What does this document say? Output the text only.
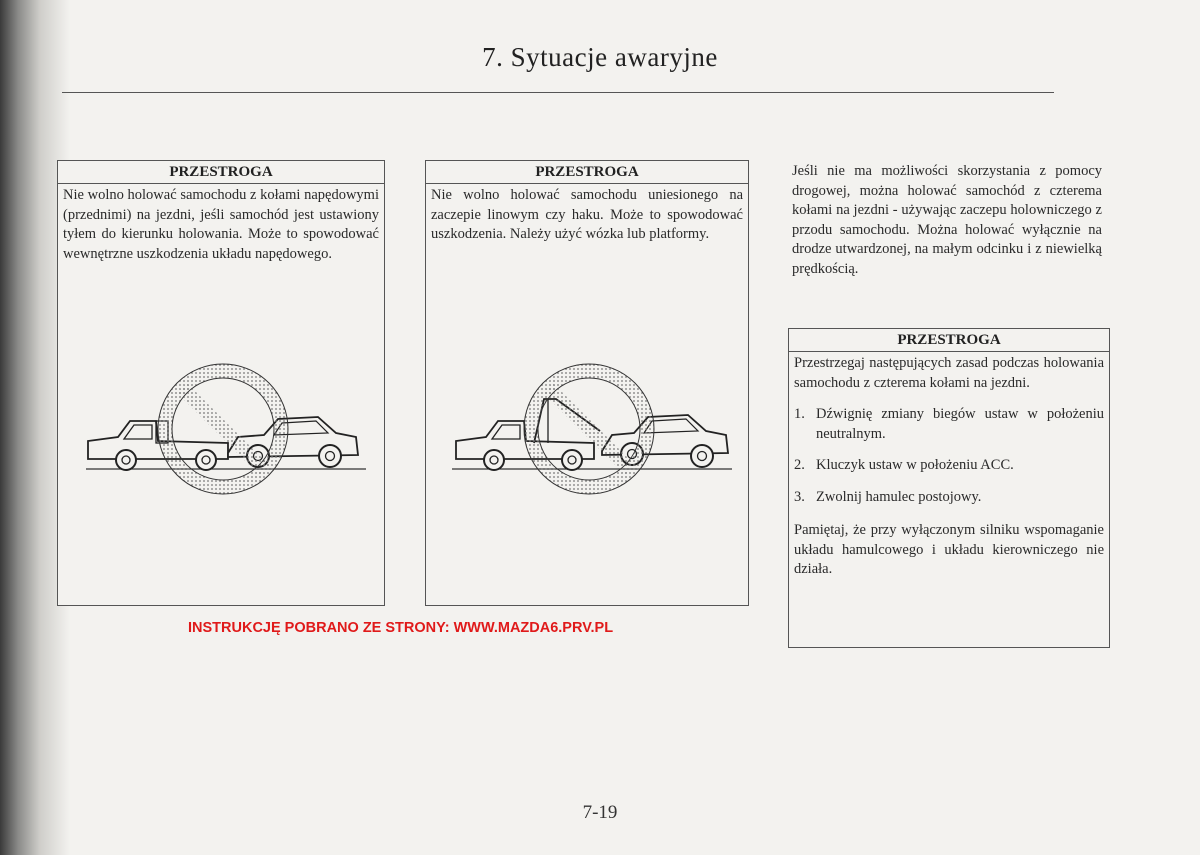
7. Sytuacje awaryjne
PRZESTROGA
Nie wolno holować samochodu z kołami napędowymi (przednimi) na jezdni, jeśli samochód jest ustawiony tyłem do kierunku holowania. Może to spowodować wewnętrzne uszkodzenia układu napędowego.
PRZESTROGA
Nie wolno holować samochodu uniesionego na zaczepie linowym czy haku. Może to spowodować uszkodzenia. Należy użyć wózka lub platformy.
Jeśli nie ma możliwości skorzystania z pomocy drogowej, można holować samochód z czterema kołami na jezdni - używając zaczepu holowniczego z przodu samochodu. Można holować wyłącznie na drodze utwardzonej, na małym odcinku i z niewielką prędkością.
PRZESTROGA
Przestrzegaj następujących zasad podczas holowania samochodu z czterema kołami na jezdni.
1. Dźwignię zmiany biegów ustaw w położeniu neutralnym.
2. Kluczyk ustaw w położeniu ACC.
3. Zwolnij hamulec postojowy.
Pamiętaj, że przy wyłączonym silniku wspomaganie układu hamulcowego i układu kierowniczego nie działa.
INSTRUKCJĘ POBRANO ZE STRONY: WWW.MAZDA6.PRV.PL
7-19
